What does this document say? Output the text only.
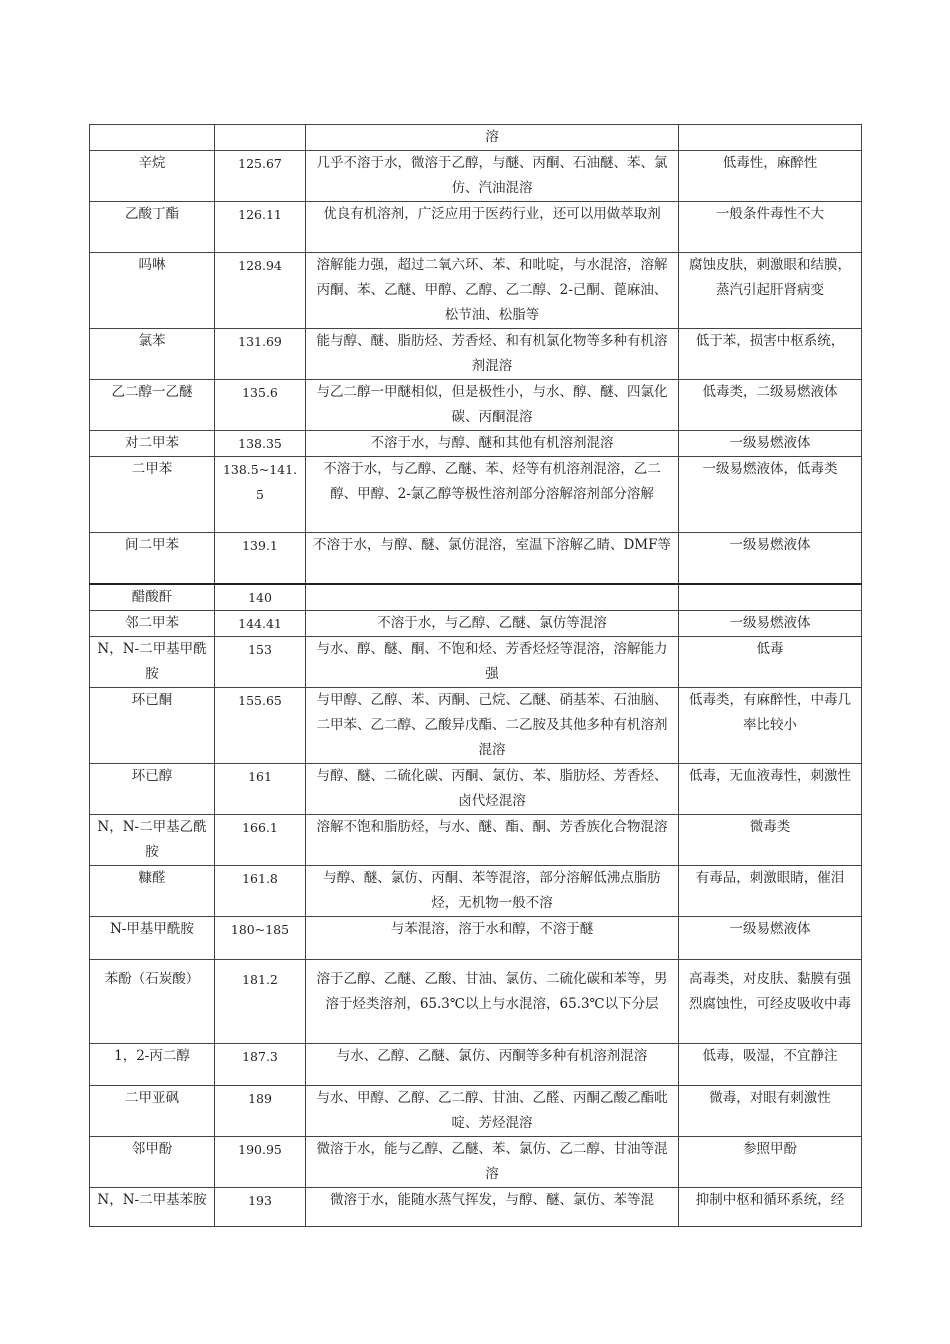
		溶	
辛烷	125.67	几乎不溶于水，微溶于乙醇，与醚、丙酮、石油醚、苯、氯仿、汽油混溶	低毒性，麻醉性
乙酸丁酯	126.11	优良有机溶剂，广泛应用于医药行业，还可以用做萃取剂	一般条件毒性不大
吗啉	128.94	溶解能力强，超过二氧六环、苯、和吡啶，与水混溶，溶解丙酮、苯、乙醚、甲醇、乙醇、乙二醇、2-己酮、蓖麻油、松节油、松脂等	腐蚀皮肤，刺激眼和结膜，蒸汽引起肝肾病变
氯苯	131.69	能与醇、醚、脂肪烃、芳香烃、和有机氯化物等多种有机溶剂混溶	低于苯，损害中枢系统，
乙二醇一乙醚	135.6	与乙二醇一甲醚相似，但是极性小，与水、醇、醚、四氯化碳、丙酮混溶	低毒类，二级易燃液体
对二甲苯	138.35	不溶于水，与醇、醚和其他有机溶剂混溶	一级易燃液体
二甲苯	138.5~141.5	不溶于水，与乙醇、乙醚、苯、烃等有机溶剂混溶，乙二醇、甲醇、2-氯乙醇等极性溶剂部分溶解溶剂部分溶解	一级易燃液体，低毒类
间二甲苯	139.1	不溶于水，与醇、醚、氯仿混溶，室温下溶解乙睛、DMF等	一级易燃液体
醋酸酐	140		
邻二甲苯	144.41	不溶于水，与乙醇、乙醚、氯仿等混溶	一级易燃液体
N，N-二甲基甲酰胺	153	与水、醇、醚、酮、不饱和烃、芳香烃烃等混溶，溶解能力强	低毒
环已酮	155.65	与甲醇、乙醇、苯、丙酮、己烷、乙醚、硝基苯、石油脑、二甲苯、乙二醇、乙酸异戊酯、二乙胺及其他多种有机溶剂混溶	低毒类，有麻醉性，中毒几率比较小
环已醇	161	与醇、醚、二硫化碳、丙酮、氯仿、苯、脂肪烃、芳香烃、卤代烃混溶	低毒，无血液毒性，刺激性
N，N-二甲基乙酰胺	166.1	溶解不饱和脂肪烃，与水、醚、酯、酮、芳香族化合物混溶	微毒类
糠醛	161.8	与醇、醚、氯仿、丙酮、苯等混溶，部分溶解低沸点脂肪烃，无机物一般不溶	有毒品，刺激眼睛，催泪
N-甲基甲酰胺	180~185	与苯混溶，溶于水和醇，不溶于醚	一级易燃液体
苯酚（石炭酸）	181.2	溶于乙醇、乙醚、乙酸、甘油、氯仿、二硫化碳和苯等，男溶于烃类溶剂，65.3℃以上与水混溶，65.3℃以下分层	高毒类，对皮肤、黏膜有强烈腐蚀性，可经皮吸收中毒
1，2-丙二醇	187.3	与水、乙醇、乙醚、氯仿、丙酮等多种有机溶剂混溶	低毒，吸湿，不宜静注
二甲亚砜	189	与水、甲醇、乙醇、乙二醇、甘油、乙醛、丙酮乙酸乙酯吡啶、芳烃混溶	微毒，对眼有刺激性
邻甲酚	190.95	微溶于水，能与乙醇、乙醚、苯、氯仿、乙二醇、甘油等混溶	参照甲酚
N，N-二甲基苯胺	193	微溶于水，能随水蒸气挥发，与醇、醚、氯仿、苯等混	抑制中枢和循环系统，经
